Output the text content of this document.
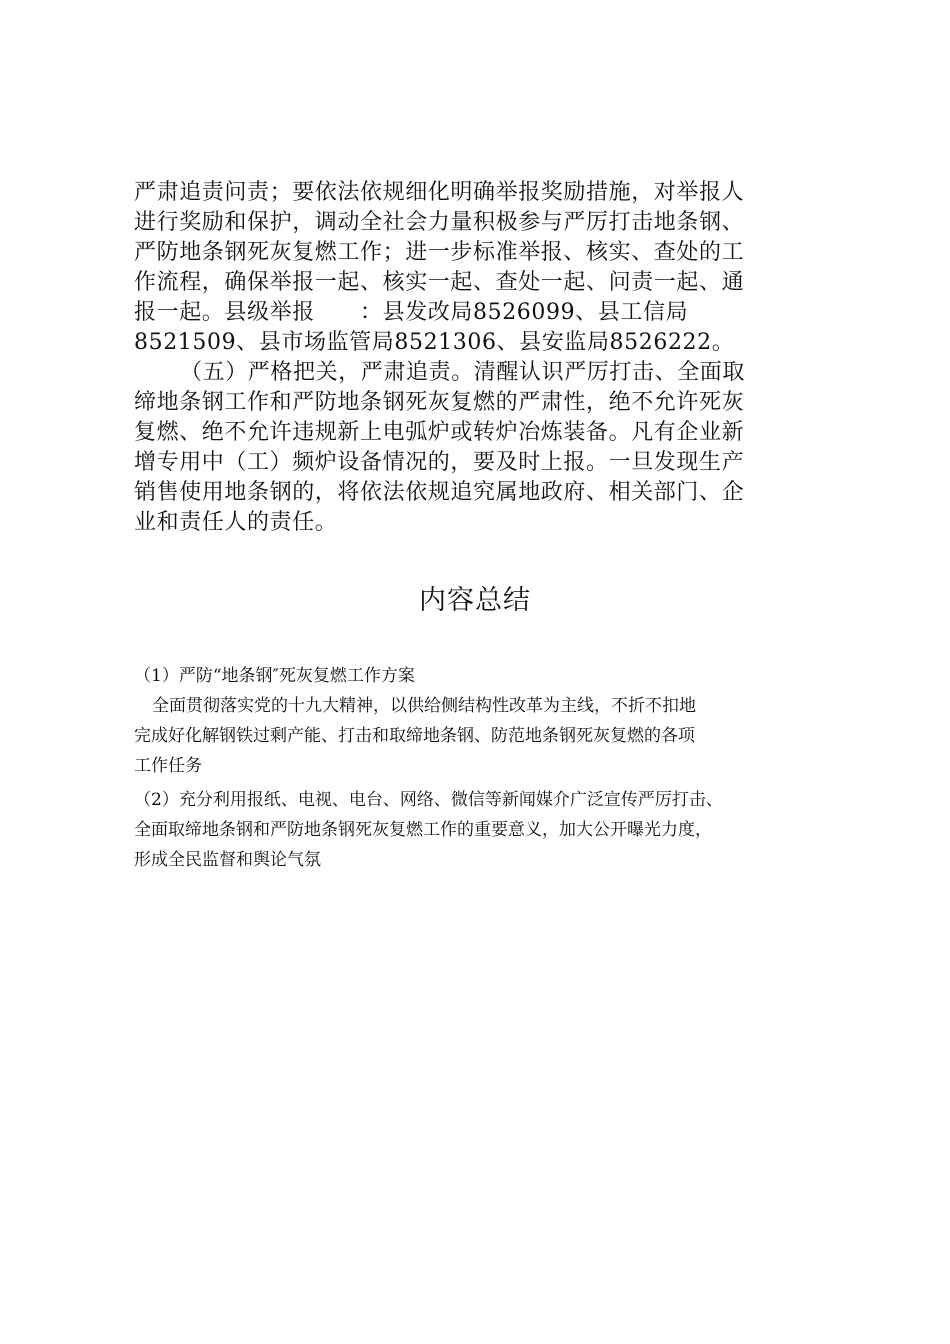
严肃追责问责；要依法依规细化明确举报奖励措施，对举报人
进行奖励和保护，调动全社会力量积极参与严厉打击地条钢、
严防地条钢死灰复燃工作；进一步标准举报、核实、查处的工
作流程，确保举报一起、核实一起、查处一起、问责一起、通
报一起。县级举报　　：县发改局8526099、县工信局
8521509、县市场监管局8521306、县安监局8526222。
（五）严格把关，严肃追责。清醒认识严厉打击、全面取
缔地条钢工作和严防地条钢死灰复燃的严肃性，绝不允许死灰
复燃、绝不允许违规新上电弧炉或转炉冶炼装备。凡有企业新
增专用中（工）频炉设备情况的，要及时上报。一旦发现生产
销售使用地条钢的，将依法依规追究属地政府、相关部门、企
业和责任人的责任。
内容总结
（1）严防“地条钢″死灰复燃工作方案
全面贯彻落实党的十九大精神，以供给侧结构性改革为主线，不折不扣地
完成好化解钢铁过剩产能、打击和取缔地条钢、防范地条钢死灰复燃的各项
工作任务
（2）充分利用报纸、电视、电台、网络、微信等新闻媒介广泛宣传严厉打击、
全面取缔地条钢和严防地条钢死灰复燃工作的重要意义，加大公开曝光力度，
形成全民监督和舆论气氛
